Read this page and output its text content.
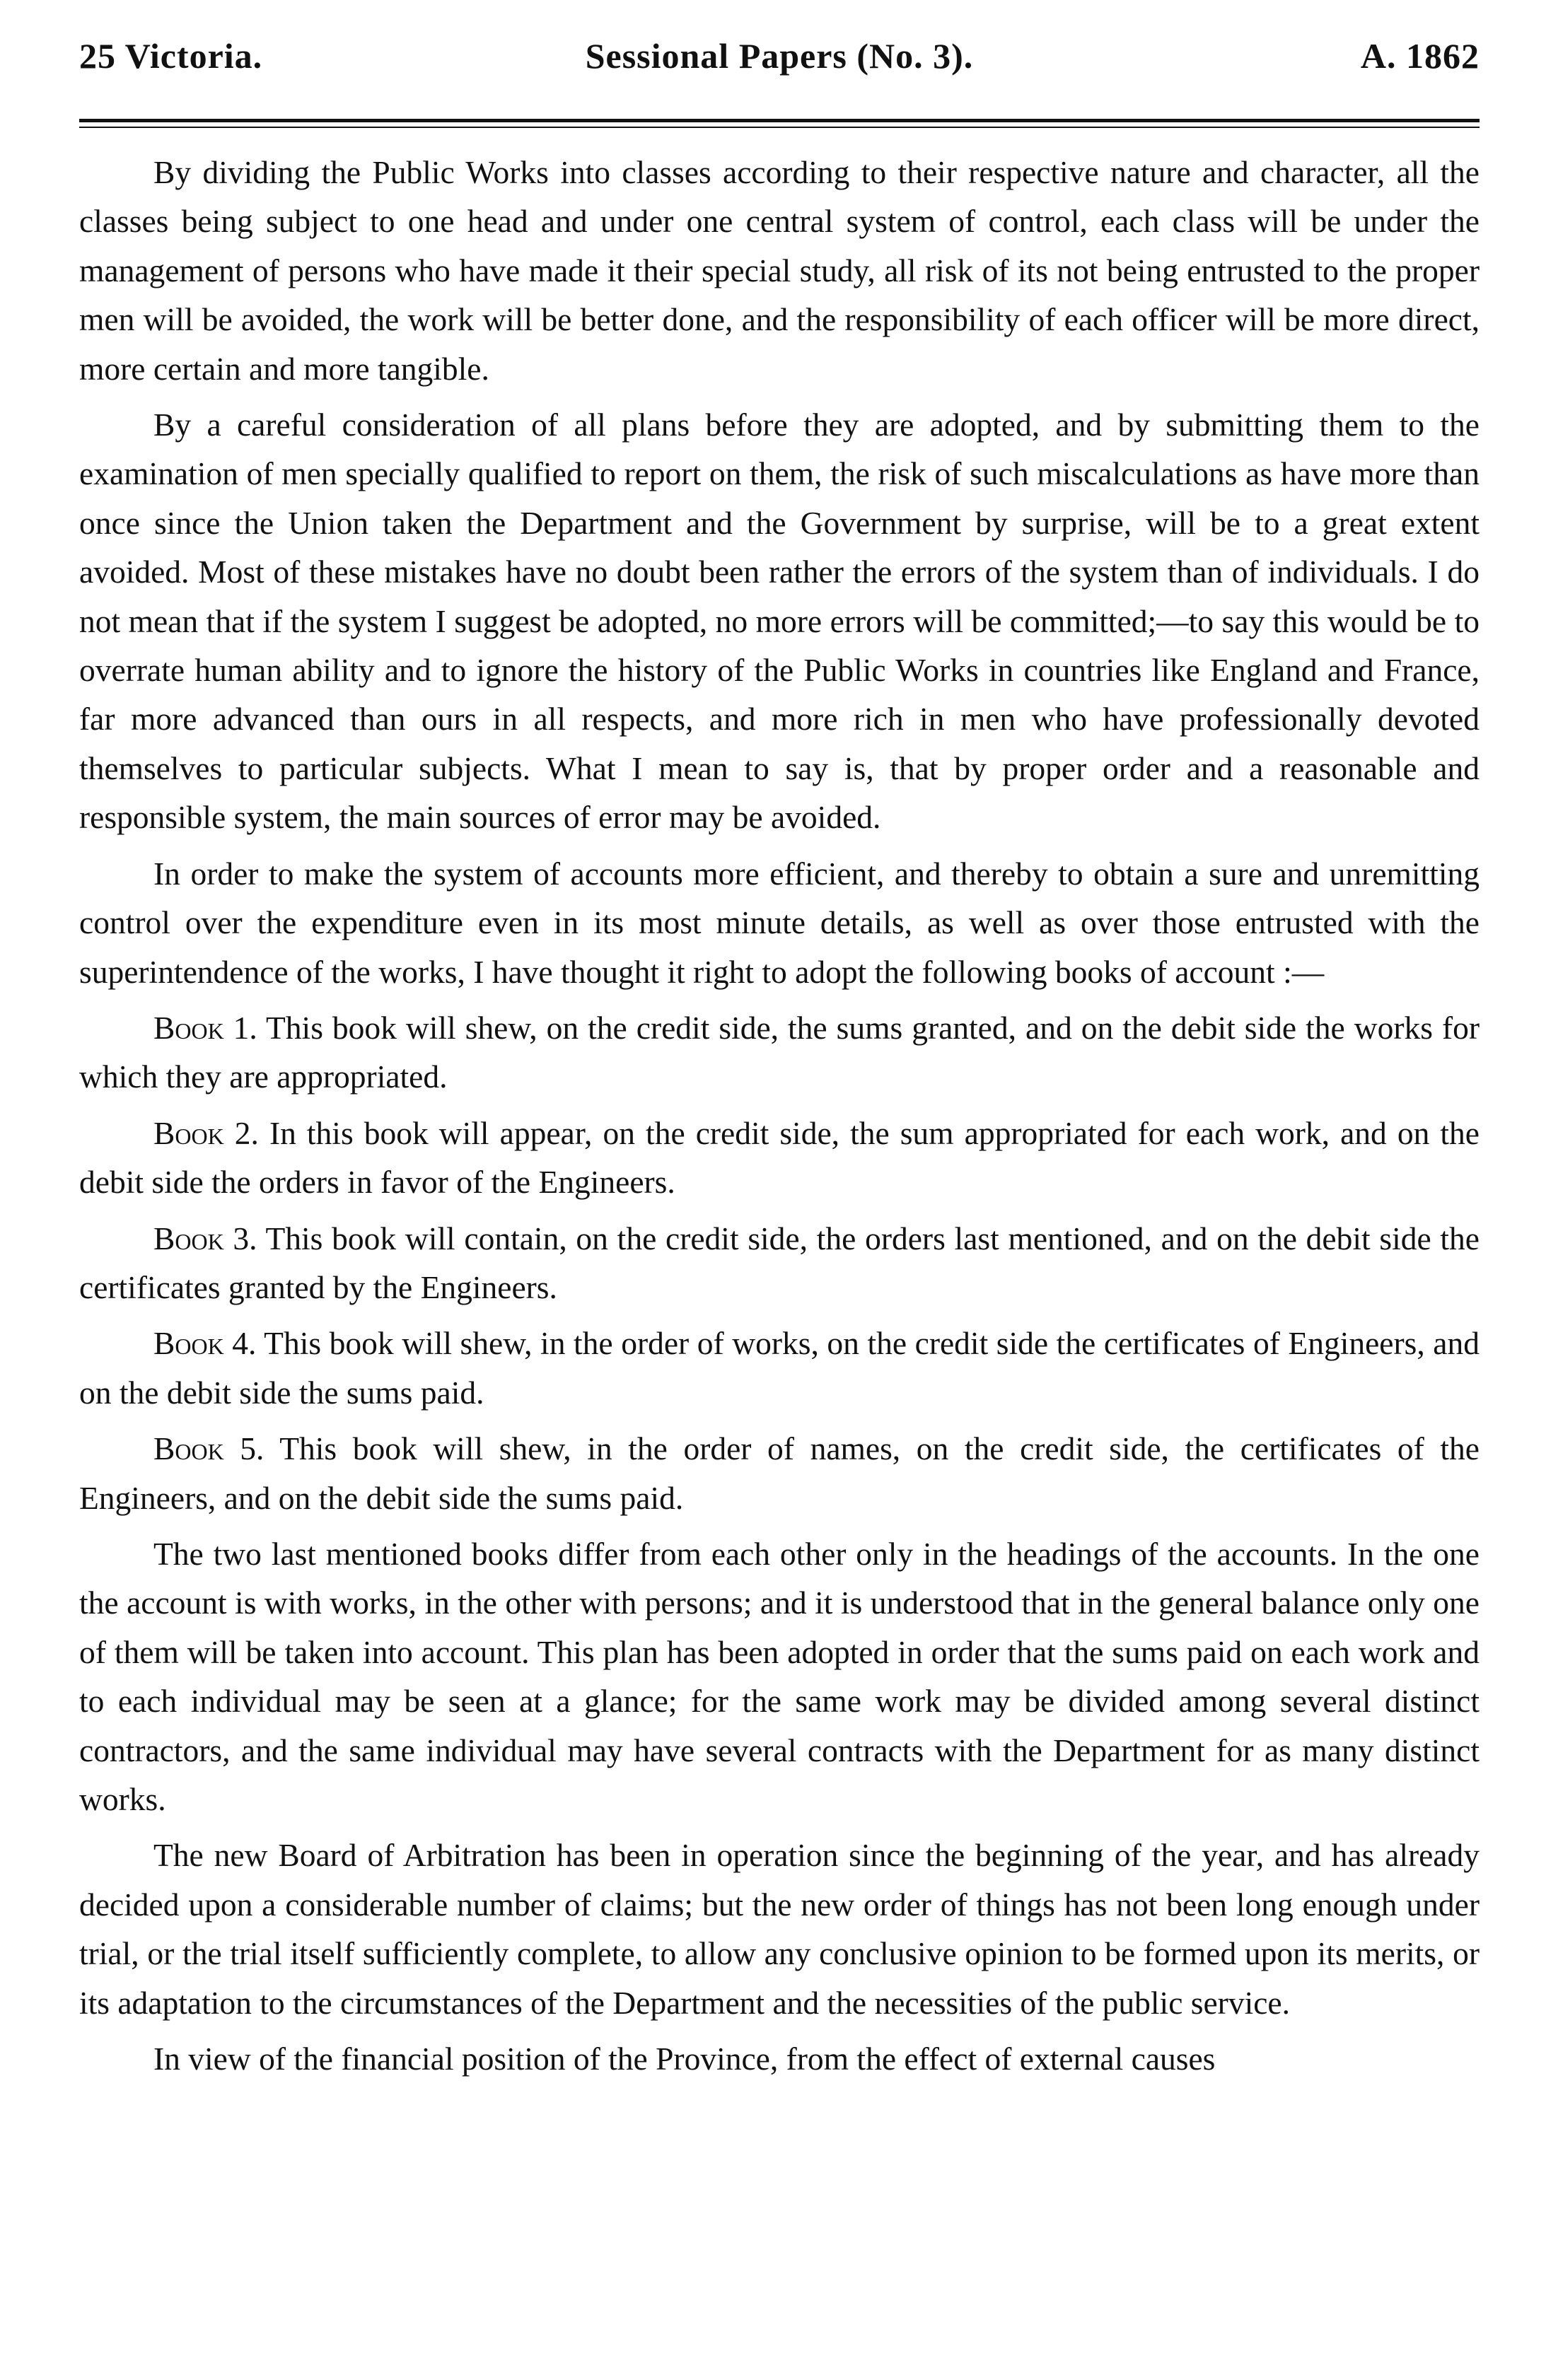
25 Victoria.	Sessional Papers (No. 3).	A. 1862

By dividing the Public Works into classes according to their respective nature and character, all the classes being subject to one head and under one central system of control, each class will be under the management of persons who have made it their special study, all risk of its not being entrusted to the proper men will be avoided, the work will be better done, and the responsibility of each officer will be more direct, more certain and more tangible.

By a careful consideration of all plans before they are adopted, and by submitting them to the examination of men specially qualified to report on them, the risk of such miscalculations as have more than once since the Union taken the Department and the Government by surprise, will be to a great extent avoided. Most of these mistakes have no doubt been rather the errors of the system than of individuals. I do not mean that if the system I suggest be adopted, no more errors will be committed;—to say this would be to overrate human ability and to ignore the history of the Public Works in countries like England and France, far more advanced than ours in all respects, and more rich in men who have professionally devoted themselves to particular subjects. What I mean to say is, that by proper order and a reasonable and responsible system, the main sources of error may be avoided.

In order to make the system of accounts more efficient, and thereby to obtain a sure and unremitting control over the expenditure even in its most minute details, as well as over those entrusted with the superintendence of the works, I have thought it right to adopt the following books of account :—

Book 1. This book will shew, on the credit side, the sums granted, and on the debit side the works for which they are appropriated.

Book 2. In this book will appear, on the credit side, the sum appropriated for each work, and on the debit side the orders in favor of the Engineers.

Book 3. This book will contain, on the credit side, the orders last mentioned, and on the debit side the certificates granted by the Engineers.

Book 4. This book will shew, in the order of works, on the credit side the certificates of Engineers, and on the debit side the sums paid.

Book 5. This book will shew, in the order of names, on the credit side, the certificates of the Engineers, and on the debit side the sums paid.

The two last mentioned books differ from each other only in the headings of the accounts. In the one the account is with works, in the other with persons; and it is understood that in the general balance only one of them will be taken into account. This plan has been adopted in order that the sums paid on each work and to each individual may be seen at a glance; for the same work may be divided among several distinct contractors, and the same individual may have several contracts with the Department for as many distinct works.

The new Board of Arbitration has been in operation since the beginning of the year, and has already decided upon a considerable number of claims; but the new order of things has not been long enough under trial, or the trial itself sufficiently complete, to allow any conclusive opinion to be formed upon its merits, or its adaptation to the circumstances of the Department and the necessities of the public service.

In view of the financial position of the Province, from the effect of external causes
